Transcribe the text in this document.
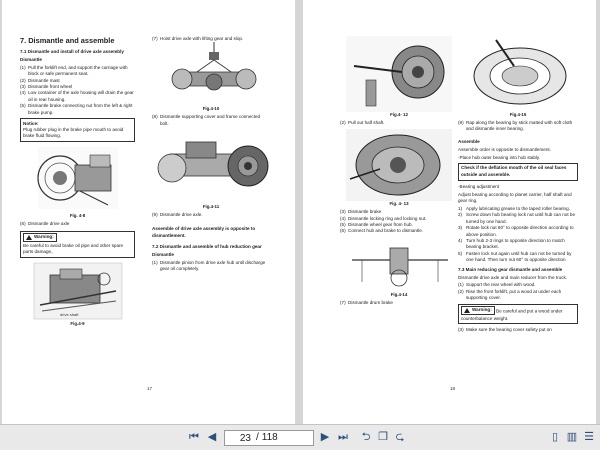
7. Dismantle and assemble

7.1 Dismantle and install of drive axle assembly

Dismantle

(1) Pull the forklift end, and support the carriage with block or safe permanent seat.
(2) Dismantle mast
(3) Dismantle front wheel
(4) Low container of the axle housing will drain the gear oil in rear housing.
(5) Dismantle brake connecting nut from the left & right brake pump.
Notice:
Plug rubber plug in the brake pipe mouth to avoid brake fluid flowing.

Fig. 4-8

(6) Dismantle drive axle
Warning:
Be careful to avoid brake oil pipe and other spare parts damage。
drive shaft

Fig.4-9

(7) Hoist drive axle with lifting gear and slop.

Fig.4-10

(8) Dismantle supporting cover and frame connected bolt.

Fig.4-11

(9) Dismantle drive axle.

Assemble of drive axle assembly is opposite to dismantlement.

7.2 Dismantle and assemble of hub reduction gear

Dismantle

(1) Dismantle pinion from drive axle hub until discharge gear oil completely.
17

Fig.4- 12

(2) Pull out half shaft.

Fig. 4- 13

(3) Dismantle brake
(4) Dismantle locking ring and locking nut.
(5) Dismantle wheel gear from hub.
(6) Connect hub and brake to dismantle.

Fig.4-14

(7) Dismantle drum brake

Fig.4-15

(8) Rap along the bearing by stick matted with soft cloth and dismantle inner bearing.

Assemble

Assemble order is opposite to dismantlement.

·Place hub outer bearing into hub stably.

Check if the deflation mouth of the oil seal faces outside and assemble.

·Bearing adjustment

Adjust bearing according to planet carrier, half shaft and gear ring.

1) Apply lubricating grease to the taped roller bearing.
2) Screw down hub bearing lock nut until hub can not be turned by one hand.
3) Rotate lock nut 60° to opposite direction according to above position.
4) Turn hub 2-3 rings to opposite direction to match bearing bracket.
5) Fasten lock nut again until hub can not be turned by one hand. Then turn nut 60° to opposite direction

7.3 Main reducing gear dismantle and assemble

Dismantle drive axle and main reducer from the truck.

(1) Support the rear wheel with wood.
(2) Rise the front forklift, put a wood at under each supporting cover.
Warning: Be careful and put a wood under counterbalance weight.
(3) Make sure the bearing cover safety put on
18
⏮ ◀
23	/ 118	▶ ⏭ ⮌ ❐ ⮎	▯ ▥ ☰
